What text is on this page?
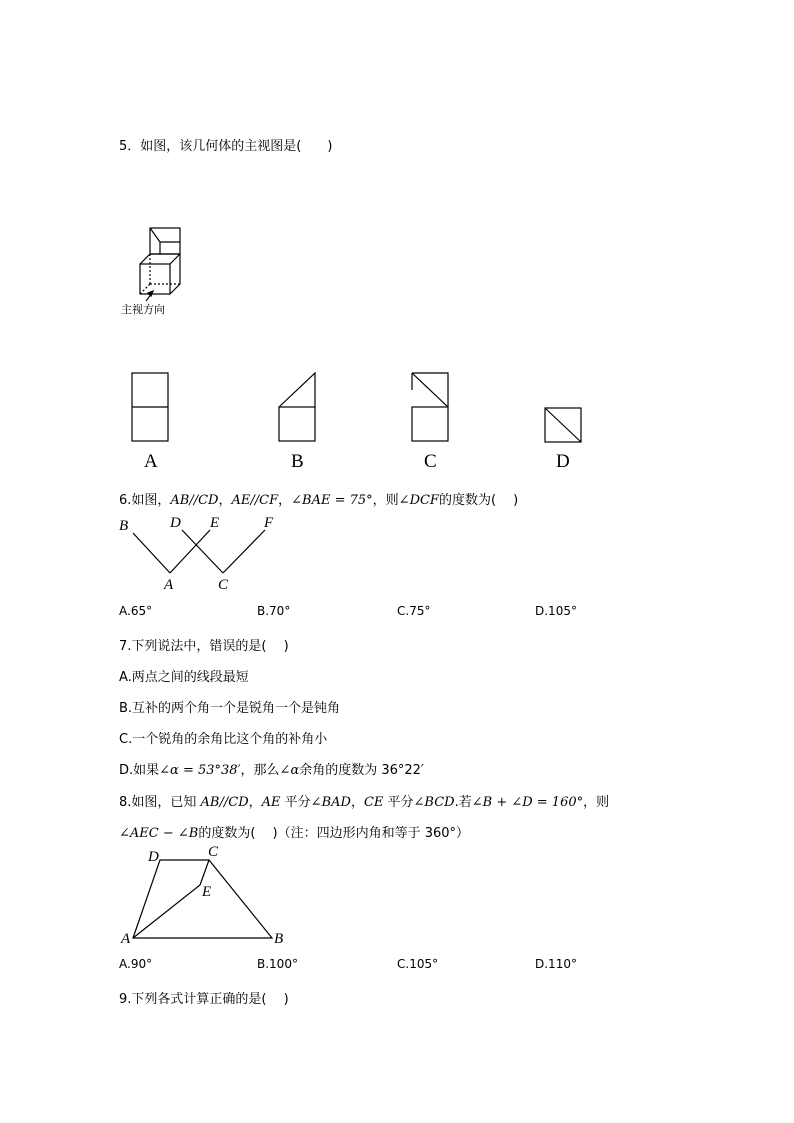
5．如图，该几何体的主视图是(　　)
主视方向
A	B	C	D
6.如图，AB//CD，AE//CF，∠BAE = 75°，则∠DCF的度数为(　 )
B	D E	F
A	C
A.65°	B.70°	C.75°	D.105°
7.下列说法中，错误的是(　 )
A.两点之间的线段最短
B.互补的两个角一个是锐角一个是钝角
C.一个锐角的余角比这个角的补角小
D.如果∠α = 53°38′，那么∠α余角的度数为 36°22′
8.如图，已知 AB//CD，AE 平分∠BAD，CE 平分∠BCD.若∠B + ∠D = 160°，则
∠AEC − ∠B的度数为(　 )（注：四边形内角和等于 360°）
D	C
E
A	B
A.90°	B.100°	C.105°	D.110°
9.下列各式计算正确的是(　 )
